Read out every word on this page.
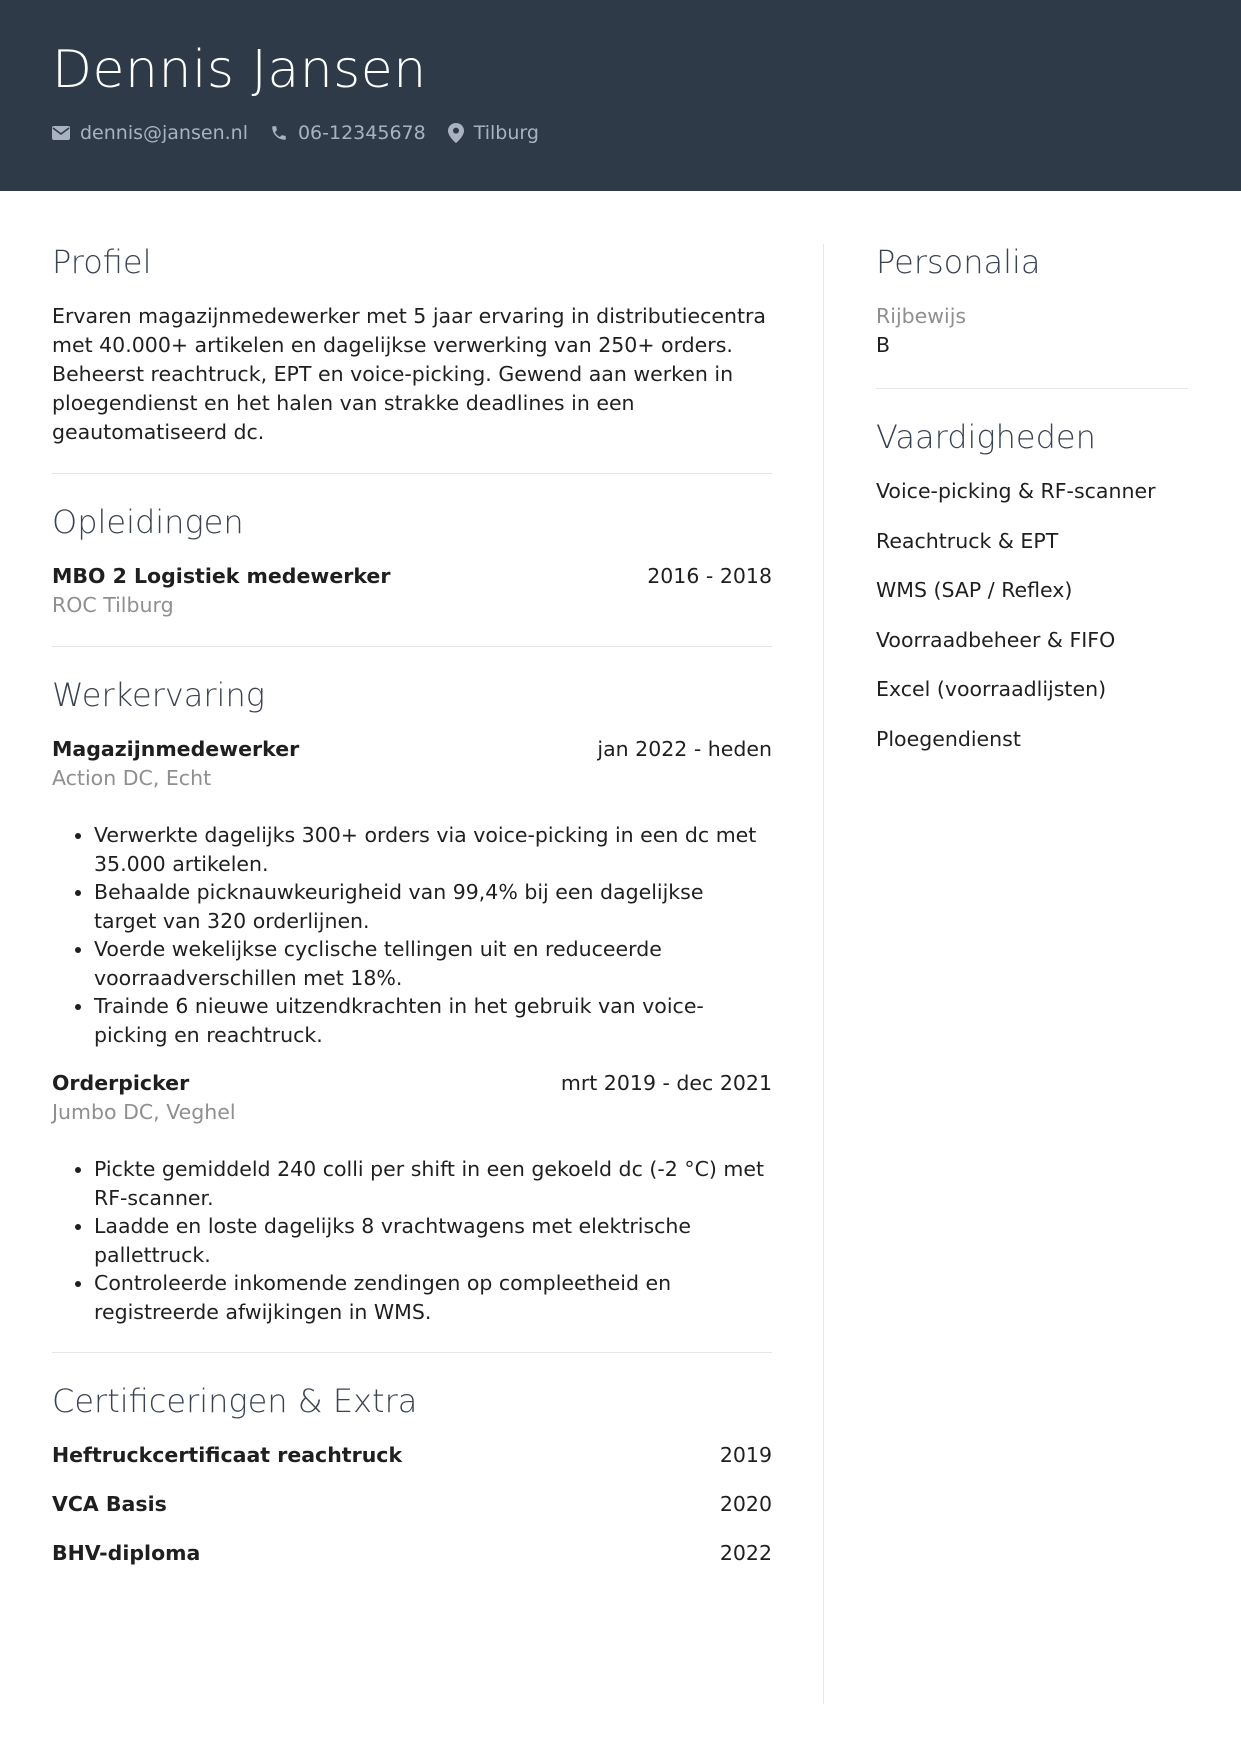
Dennis Jansen
dennis@jansen.nl	06-12345678	Tilburg
Profiel

Ervaren magazijnmedewerker met 5 jaar ervaring in distributiecentra met 40.000+ artikelen en dagelijkse verwerking van 250+ orders. Beheerst reachtruck, EPT en voice-picking. Gewend aan werken in ploegendienst en het halen van strakke deadlines in een geautomatiseerd dc.

Opleidingen
MBO 2 Logistiek medewerker	2016 - 2018
ROC Tilburg
Werkervaring
Magazijnmedewerker	jan 2022 - heden
Action DC, Echt
• Verwerkte dagelijks 300+ orders via voice-picking in een dc met 35.000 artikelen.
• Behaalde picknauwkeurigheid van 99,4% bij een dagelijkse target van 320 orderlijnen.
• Voerde wekelijkse cyclische tellingen uit en reduceerde voorraadverschillen met 18%.
• Trainde 6 nieuwe uitzendkrachten in het gebruik van voice-picking en reachtruck.
Orderpicker	mrt 2019 - dec 2021
Jumbo DC, Veghel
• Pickte gemiddeld 240 colli per shift in een gekoeld dc (-2 °C) met RF-scanner.
• Laadde en loste dagelijks 8 vrachtwagens met elektrische pallettruck.
• Controleerde inkomende zendingen op compleetheid en registreerde afwijkingen in WMS.
Certificeringen & Extra
Heftruckcertificaat reachtruck	2019
VCA Basis	2020
BHV-diploma	2022
Personalia
Rijbewijs
B
Vaardigheden
Voice-picking & RF-scanner
Reachtruck & EPT
WMS (SAP / Reflex)
Voorraadbeheer & FIFO
Excel (voorraadlijsten)
Ploegendienst
